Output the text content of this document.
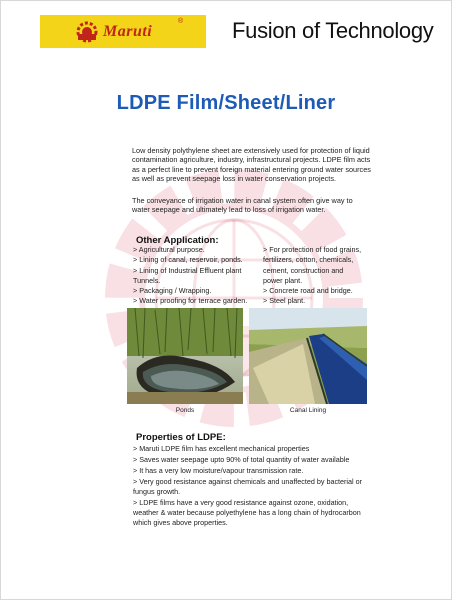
Maruti
® Fusion of Technology
LDPE Film/Sheet/Liner

Low density polythylene sheet are extensively used for protection of liquid contamination agriculture, industry, infrastructural projects. LDPE film acts as a perfect line to prevent foreign material entering ground water sources as well as prevent seepage loss in water conservation projects.

The conveyance of irrigation water in canal system often give way to water seepage and ultimately lead to loss of irrigation water.

Other Application:
> Agricultural purpose.
> Lining of canal, reservoir, ponds.
> Lining of Industrial Effluent plant
Tunnels.
> Packaging / Wrapping.
> Water proofing for terrace garden.
> For protection of food grains,
fertilizers, cotton, chemicals,
cement, construction and
power plant.
> Concrete road and bridge.
> Steel plant.
Ponds	Canal Lining
Properties of LDPE:
> Maruti LDPE film has excellent mechanical properties
> Saves water seepage upto 90% of total quantity of water available
> It has a very low moisture/vapour transmission rate.
> Very good resistance against chemicals and unaffected by bacterial or fungus growth.
> LDPE films have a very good resistance against ozone, oxidation, weather & water because polyethylene has a long chain of hydrocarbon which gives above properties.
